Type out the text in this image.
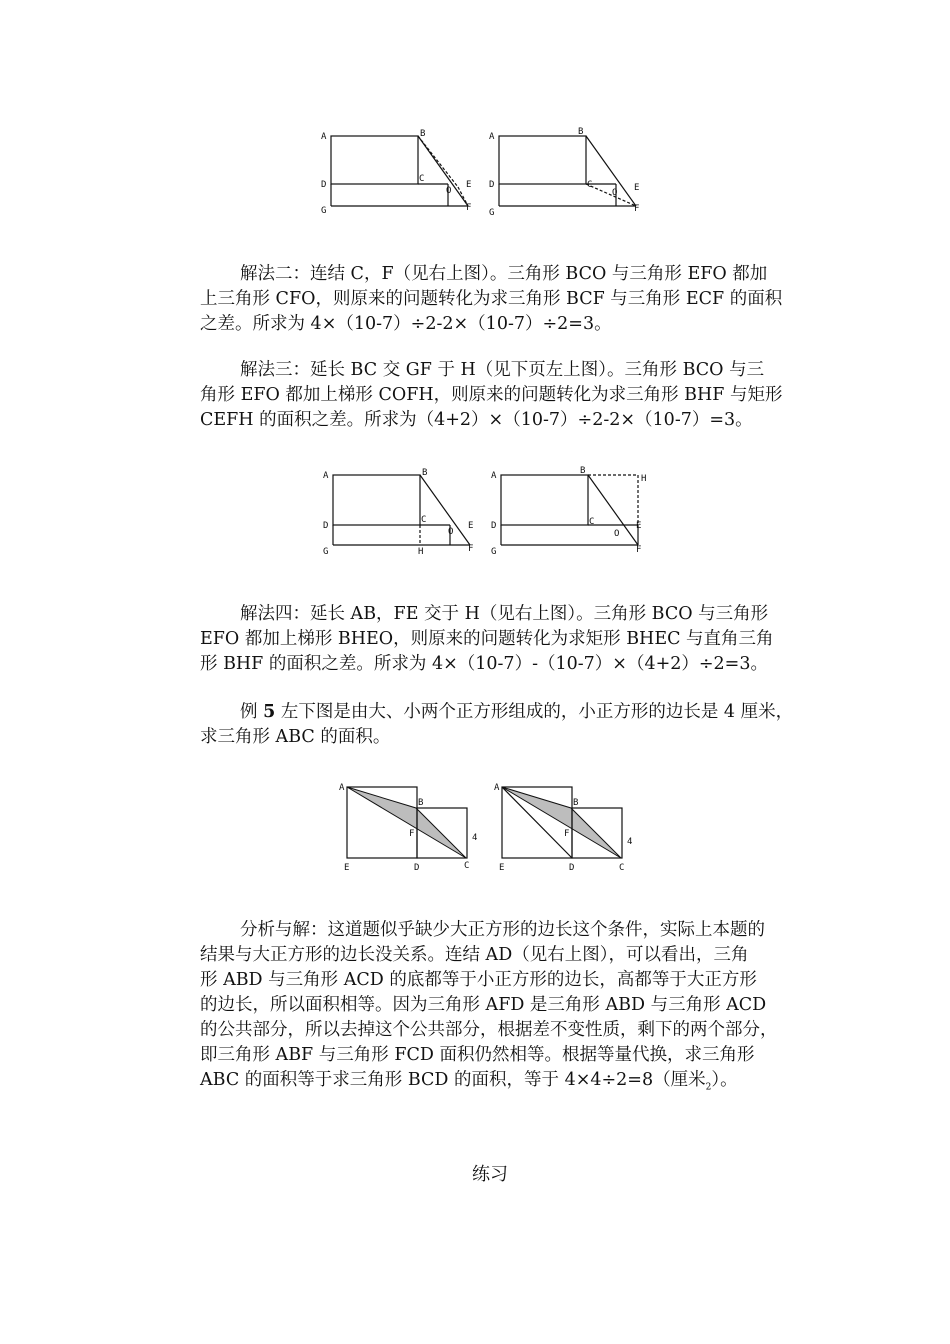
A	B
D
C
O
E
G	F
A	B
D	C
O E
G	F

解法二：连结 C，F（见右上图）。三角形 BCO 与三角形 EFO 都加
上三角形 CFO，则原来的问题转化为求三角形 BCF 与三角形 ECF 的面积
之差。所求为 4×（10-7）÷2-2×（10-7）÷2=3。

解法三：延长 BC 交 GF 于 H（见下页左上图）。三角形 BCO 与三
角形 EFO 都加上梯形 COFH，则原来的问题转化为求三角形 BHF 与矩形
CEFH 的面积之差。所求为（4+2）×（10-7）÷2-2×（10-7）=3。

A	B
D
C
O
E
G	H	F
A	B
H
D	C
O
E
G	F

解法四：延长 AB，FE 交于 H（见右上图）。三角形 BCO 与三角形
EFO 都加上梯形 BHEO，则原来的问题转化为求矩形 BHEC 与直角三角
形 BHF 的面积之差。所求为 4×（10-7）-（10-7）×（4+2）÷2=3。

例 5 左下图是由大、小两个正方形组成的，小正方形的边长是 4 厘米，
求三角形 ABC 的面积。

A
B
F	4
E	D	C
A
B
F
4
E	D	C

分析与解：这道题似乎缺少大正方形的边长这个条件，实际上本题的
结果与大正方形的边长没关系。连结 AD（见右上图），可以看出，三角
形 ABD 与三角形 ACD 的底都等于小正方形的边长，高都等于大正方形
的边长，所以面积相等。因为三角形 AFD 是三角形 ABD 与三角形 ACD
的公共部分，所以去掉这个公共部分，根据差不变性质，剩下的两个部分，
即三角形 ABF 与三角形 FCD 面积仍然相等。根据等量代换，求三角形
ABC 的面积等于求三角形 BCD 的面积，等于 4×4÷2=8（厘米$_2$）。

练习
